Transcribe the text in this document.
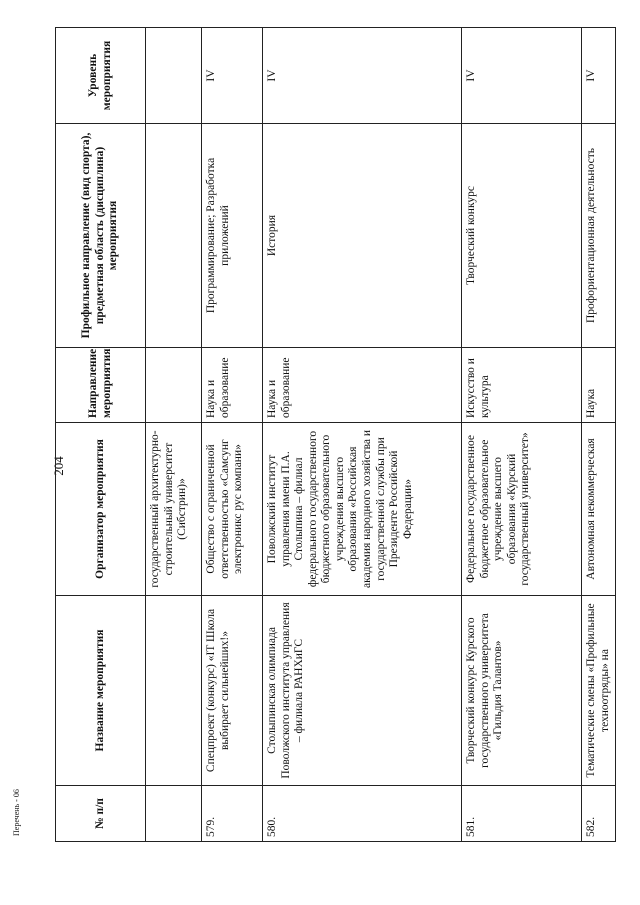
204
№ п/п	Название мероприятия	Организатор мероприятия	Направление мероприятия	Профильное направление (вид спорта), предметная область (дисциплина) мероприятия	Уровень мероприятия
		государственный архитектурно-строительный университет (Сибстрин)»			
579.	Спецпроект (конкурс) «IT Школа выбирает сильнейших!»	Общество с ограниченной ответственностью «Самсунг электроникс рус компани»	Наука и образование	Программирование; Разработка приложений	IV
580.	Столыпинская олимпиада Поволжского института управления – филиала РАНХиГС	Поволжский институт управления имени П.А. Столыпина – филиал федерального государственного бюджетного образовательного учреждения высшего образования «Российская академия народного хозяйства и государственной службы при Президенте Российской Федерации»	Наука и образование	История	IV
581.	Творческий конкурс Курского государственного университета «Гильдия Талантов»	Федеральное государственное бюджетное образовательное учреждение высшего образования «Курский государственный университет»	Искусство и культура	Творческий конкурс	IV
582.	Тематические смены «Профильные техноотряды» на	Автономная некоммерческая	Наука	Профориентационная деятельность	IV
Перечень - 06
